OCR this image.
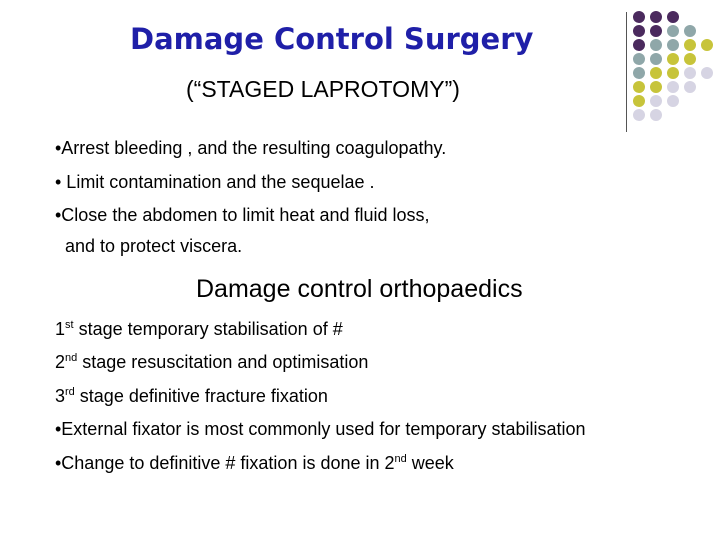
Damage Control Surgery

(“STAGED LAPROTOMY”)

•Arrest bleeding , and the resulting coagulopathy.

• Limit contamination and the sequelae .

•Close the abdomen to limit heat and fluid loss,

and to protect viscera.

Damage control orthopaedics

1st stage temporary stabilisation of #

2nd stage resuscitation and optimisation

3rd stage definitive fracture fixation

•External fixator is most commonly used for temporary stabilisation

•Change to definitive # fixation is done in 2nd week
